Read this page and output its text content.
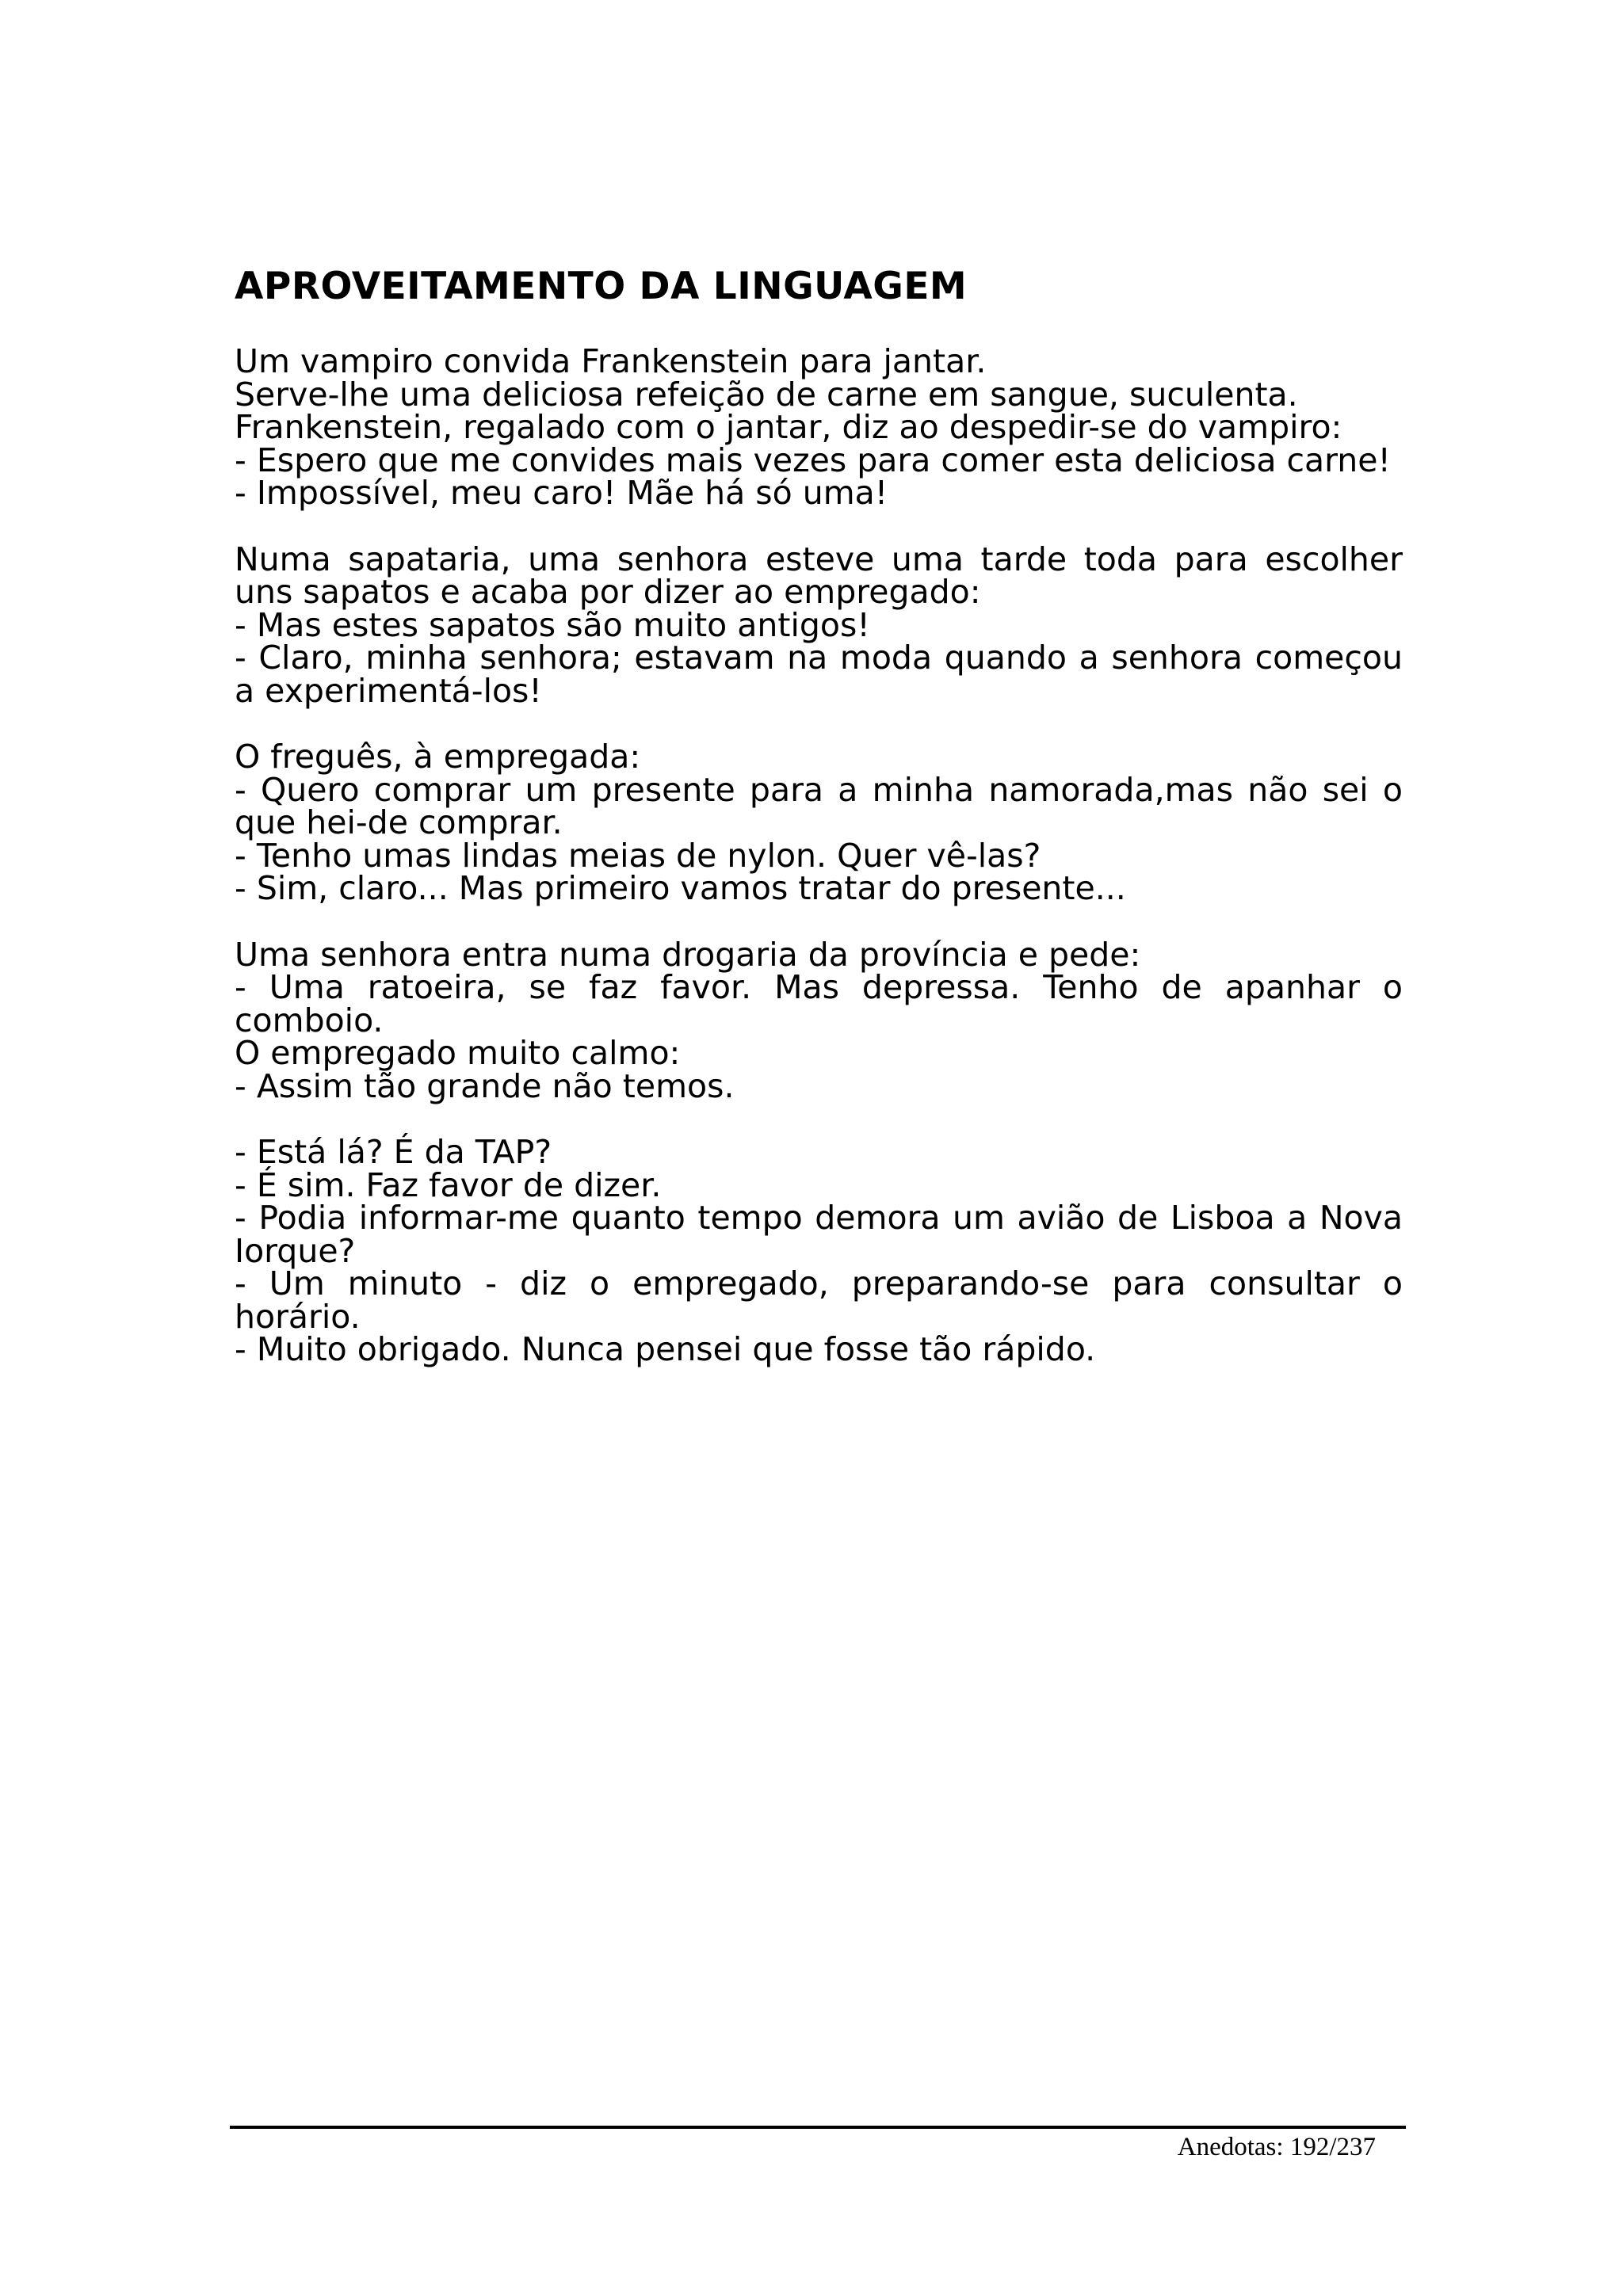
APROVEITAMENTO DA LINGUAGEM

Um vampiro convida Frankenstein para jantar.

Serve-lhe uma deliciosa refeição de carne em sangue, suculenta.

Frankenstein, regalado com o jantar, diz ao despedir-se do vampiro:

- Espero que me convides mais vezes para comer esta deliciosa carne!

- Impossível, meu caro! Mãe há só uma!

Numa sapataria, uma senhora esteve uma tarde toda para escolher uns sapatos e acaba por dizer ao empregado:

- Mas estes sapatos são muito antigos!

- Claro, minha senhora; estavam na moda quando a senhora começou a experimentá-los!

O freguês, à empregada:

- Quero comprar um presente para a minha namorada,mas não sei o que hei-de comprar.

- Tenho umas lindas meias de nylon. Quer vê-las?

- Sim, claro... Mas primeiro vamos tratar do presente...

Uma senhora entra numa drogaria da província e pede:

- Uma ratoeira, se faz favor. Mas depressa. Tenho de apanhar o comboio.

O empregado muito calmo:

- Assim tão grande não temos.

- Está lá? É da TAP?

- É sim. Faz favor de dizer.

- Podia informar-me quanto tempo demora um avião de Lisboa a Nova Iorque?

- Um minuto - diz o empregado, preparando-se para consultar o horário.

- Muito obrigado. Nunca pensei que fosse tão rápido.

Anedotas: 192/237
